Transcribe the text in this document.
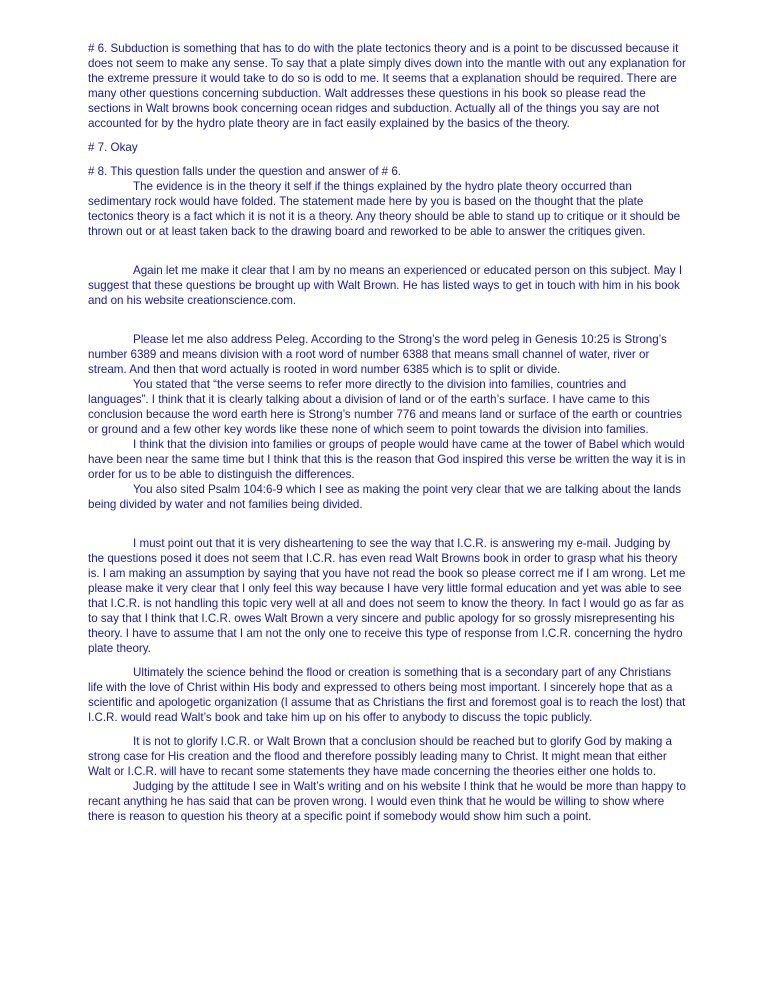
# 6. Subduction is something that has to do with the plate tectonics theory and is a point to be discussed because it does not seem to make any sense. To say that a plate simply dives down into the mantle with out any explanation for the extreme pressure it would take to do so is odd to me. It seems that a explanation should be required. There are many other questions concerning subduction. Walt addresses these questions in his book so please read the sections in Walt browns book concerning ocean ridges and subduction. Actually all of the things you say are not accounted for by the hydro plate theory are in fact easily explained by the basics of the theory.

# 7. Okay

# 8. This question falls under the question and answer of # 6.

The evidence is in the theory it self if the things explained by the hydro plate theory occurred than sedimentary rock would have folded. The statement made here by you is based on the thought that the plate tectonics theory is a fact which it is not it is a theory. Any theory should be able to stand up to critique or it should be thrown out or at least taken back to the drawing board and reworked to be able to answer the critiques given.

Again let me make it clear that I am by no means an experienced or educated person on this subject. May I suggest that these questions be brought up with Walt Brown. He has listed ways to get in touch with him in his book and on his website creationscience.com.

Please let me also address Peleg. According to the Strong’s the word peleg in Genesis 10:25 is Strong’s number 6389 and means division with a root word of number 6388 that means small channel of water, river or stream. And then that word actually is rooted in word number 6385 which is to split or divide.

You stated that “the verse seems to refer more directly to the division into families, countries and languages”. I think that it is clearly talking about a division of land or of the earth’s surface. I have came to this conclusion because the word earth here is Strong’s number 776 and means land or surface of the earth or countries or ground and a few other key words like these none of which seem to point towards the division into families.

I think that the division into families or groups of people would have came at the tower of Babel which would have been near the same time but I think that this is the reason that God inspired this verse be written the way it is in order for us to be able to distinguish the differences.

You also sited Psalm 104:6-9 which I see as making the point very clear that we are talking about the lands being divided by water and not families being divided.

I must point out that it is very disheartening to see the way that I.C.R. is answering my e-mail. Judging by the questions posed it does not seem that I.C.R. has even read Walt Browns book in order to grasp what his theory is. I am making an assumption by saying that you have not read the book so please correct me if I am wrong. Let me please make it very clear that I only feel this way because I have very little formal education and yet was able to see that I.C.R. is not handling this topic very well at all and does not seem to know the theory. In fact I would go as far as to say that I think that I.C.R. owes Walt Brown a very sincere and public apology for so grossly misrepresenting his theory. I have to assume that I am not the only one to receive this type of response from I.C.R. concerning the hydro plate theory.

Ultimately the science behind the flood or creation is something that is a secondary part of any Christians life with the love of Christ within His body and expressed to others being most important. I sincerely hope that as a scientific and apologetic organization (I assume that as Christians the first and foremost goal is to reach the lost) that I.C.R. would read Walt’s book and take him up on his offer to anybody to discuss the topic publicly.

It is not to glorify I.C.R. or Walt Brown that a conclusion should be reached but to glorify God by making a strong case for His creation and the flood and therefore possibly leading many to Christ. It might mean that either Walt or I.C.R. will have to recant some statements they have made concerning the theories either one holds to.

Judging by the attitude I see in Walt’s writing and on his website I think that he would be more than happy to recant anything he has said that can be proven wrong. I would even think that he would be willing to show where there is reason to question his theory at a specific point if somebody would show him such a point.
